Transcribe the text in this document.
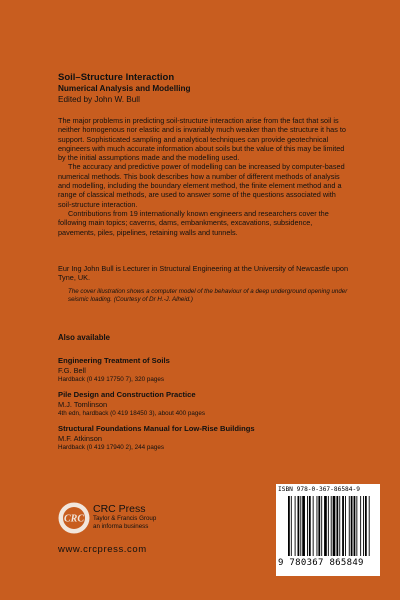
Soil–Structure Interaction
Numerical Analysis and Modelling
Edited by John W. Bull

The major problems in predicting soil-structure interaction arise from the fact that soil is neither homogenous nor elastic and is invariably much weaker than the structure it has to support. Sophisticated sampling and analytical techniques can provide geotechnical engineers with much accurate information about soils but the value of this may be limited by the initial assumptions made and the modelling used.

The accuracy and predictive power of modelling can be increased by computer-based numerical methods. This book describes how a number of different methods of analysis and modelling, including the boundary element method, the finite element method and a range of classical methods, are used to answer some of the questions associated with soil-structure interaction.

Contributions from 19 internationally known engineers and researchers cover the following main topics; caverns, dams, embankments, excavations, subsidence, pavements, piles, pipelines, retaining walls and tunnels.

Eur Ing John Bull is Lecturer in Structural Engineering at the University of Newcastle upon Tyne, UK.
The cover illustration shows a computer model of the behaviour of a deep underground opening under seismic loading. (Courtesy of Dr H.-J. Alheid.)
Also available
Engineering Treatment of Soils
F.G. Bell
Hardback (0 419 17750 7), 320 pages
Pile Design and Construction Practice
M.J. Tomlinson
4th edn, hardback (0 419 18450 3), about 400 pages
Structural Foundations Manual for Low-Rise Buildings
M.F. Atkinson
Hardback (0 419 17940 2), 244 pages
CRC
CRC Press
Taylor & Francis Group
an informa business
www.crcpress.com
ISBN 978-0-367-86584-9
9 780367 865849
